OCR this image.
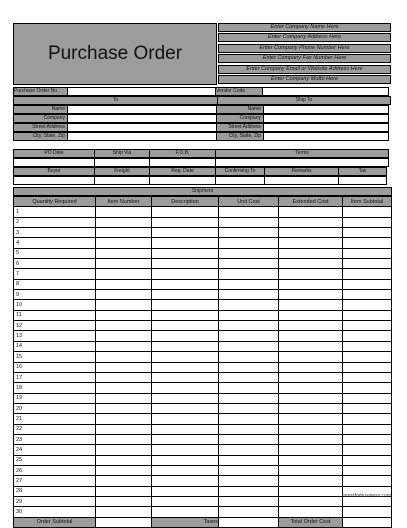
Purchase Order
Enter Company Name Here
Enter Company Address Here
Enter Company Phone Number Here
Enter Company Fax Number Here
Enter Company Email or Website Address Here
Enter Company Motto Here
Purchase Order No.	Vendor Code
To	Ship To
Name	Name
Company	Company
Street Address	Street Address
City, State, Zip	City, State, Zip
PO Date	Ship Via	F.O.B.	Terms
Buyer	Freight	Req. Date	Confirming To	Remarks	Tax
Shipment
Quantity Required	Item Number	Description	Unit Cost	Extended Cost	Item Subtotal
1					
2					
3					
4					
5					
6					
7					
8					
9					
10					
11					
12					
13					
14					
15					
16					
17					
18					
19					
20					
21					
22					
23					
24					
25					
26					
27					
28					
29					
30					
Order Subtotal		Taxes		Total Order Cost	
formsforbusiness.com
